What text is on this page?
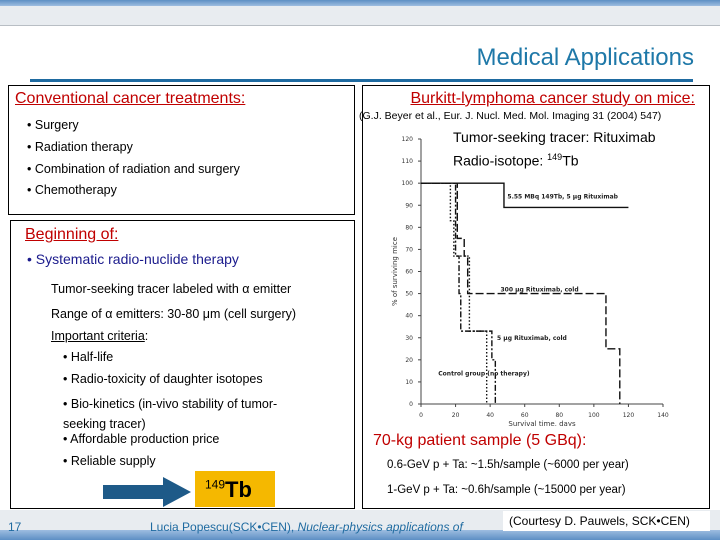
Medical Applications
Conventional cancer treatments:
• Surgery
• Radiation therapy
• Combination of radiation and surgery
• Chemotherapy
Beginning of:
• Systematic radio-nuclide therapy
Tumor-seeking tracer labeled with α emitter
Range of α emitters: 30-80 μm (cell surgery)
Important criteria:
• Half-life
• Radio-toxicity of daughter isotopes
• Bio-kinetics (in-vivo stability of tumor-seeking tracer)
• Affordable production price
• Reliable supply
$^{149}$Tb
Burkitt-lymphoma cancer study on mice:
(G.J. Beyer et al., Eur. J. Nucl. Med. Mol. Imaging 31 (2004) 547)
0	20	40	60	80	100	120	140
0
10
20
30
40
50
60
70
80
90
100
110
120
Survival time, days
% of surviving mice
5.55 MBq 149Tb, 5 μg Rituximab
300 μg Rituximab, cold
5 μg Rituximab, cold
Control group (no therapy)
Tumor-seeking tracer: Rituximab
Radio-isotope: $^{149}$Tb
70-kg patient sample (5 GBq):
0.6-GeV p + Ta: ~1.5h/sample (~6000 per year)
1-GeV p + Ta: ~0.6h/sample (~15000 per year)
17	Lucia Popescu(SCK•CEN), Nuclear-physics applications of	(Courtesy D. Pauwels, SCK•CEN)
